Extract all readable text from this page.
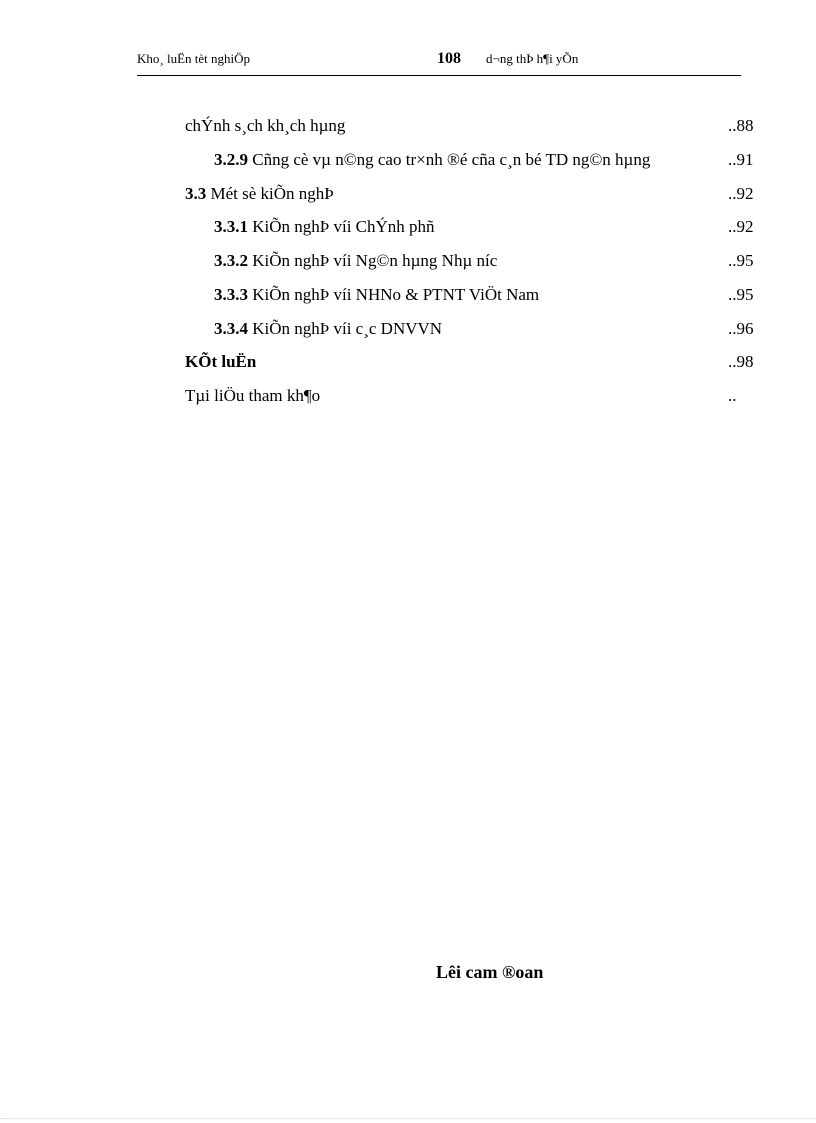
Kho¸ luËn tèt nghiÖp	108 d¬ng thÞ h¶i yÕn
chÝnh s¸ch kh¸ch hµng	..88
3.2.9 Cñng cè vµ n©ng cao tr×nh ®é cña c¸n bé TD ng©n hµng	..91
3.3 Mét sè kiÕn nghÞ	..92
3.3.1 KiÕn nghÞ víi ChÝnh phñ	..92
3.3.2 KiÕn nghÞ víi Ng©n hµng Nhµ níc	..95
3.3.3 KiÕn nghÞ víi NHNo & PTNT ViÖt Nam	..95
3.3.4 KiÕn nghÞ víi c¸c DNVVN	..96
KÕt luËn	..98
Tµi liÖu tham kh¶o	..
Lêi cam ®oan
